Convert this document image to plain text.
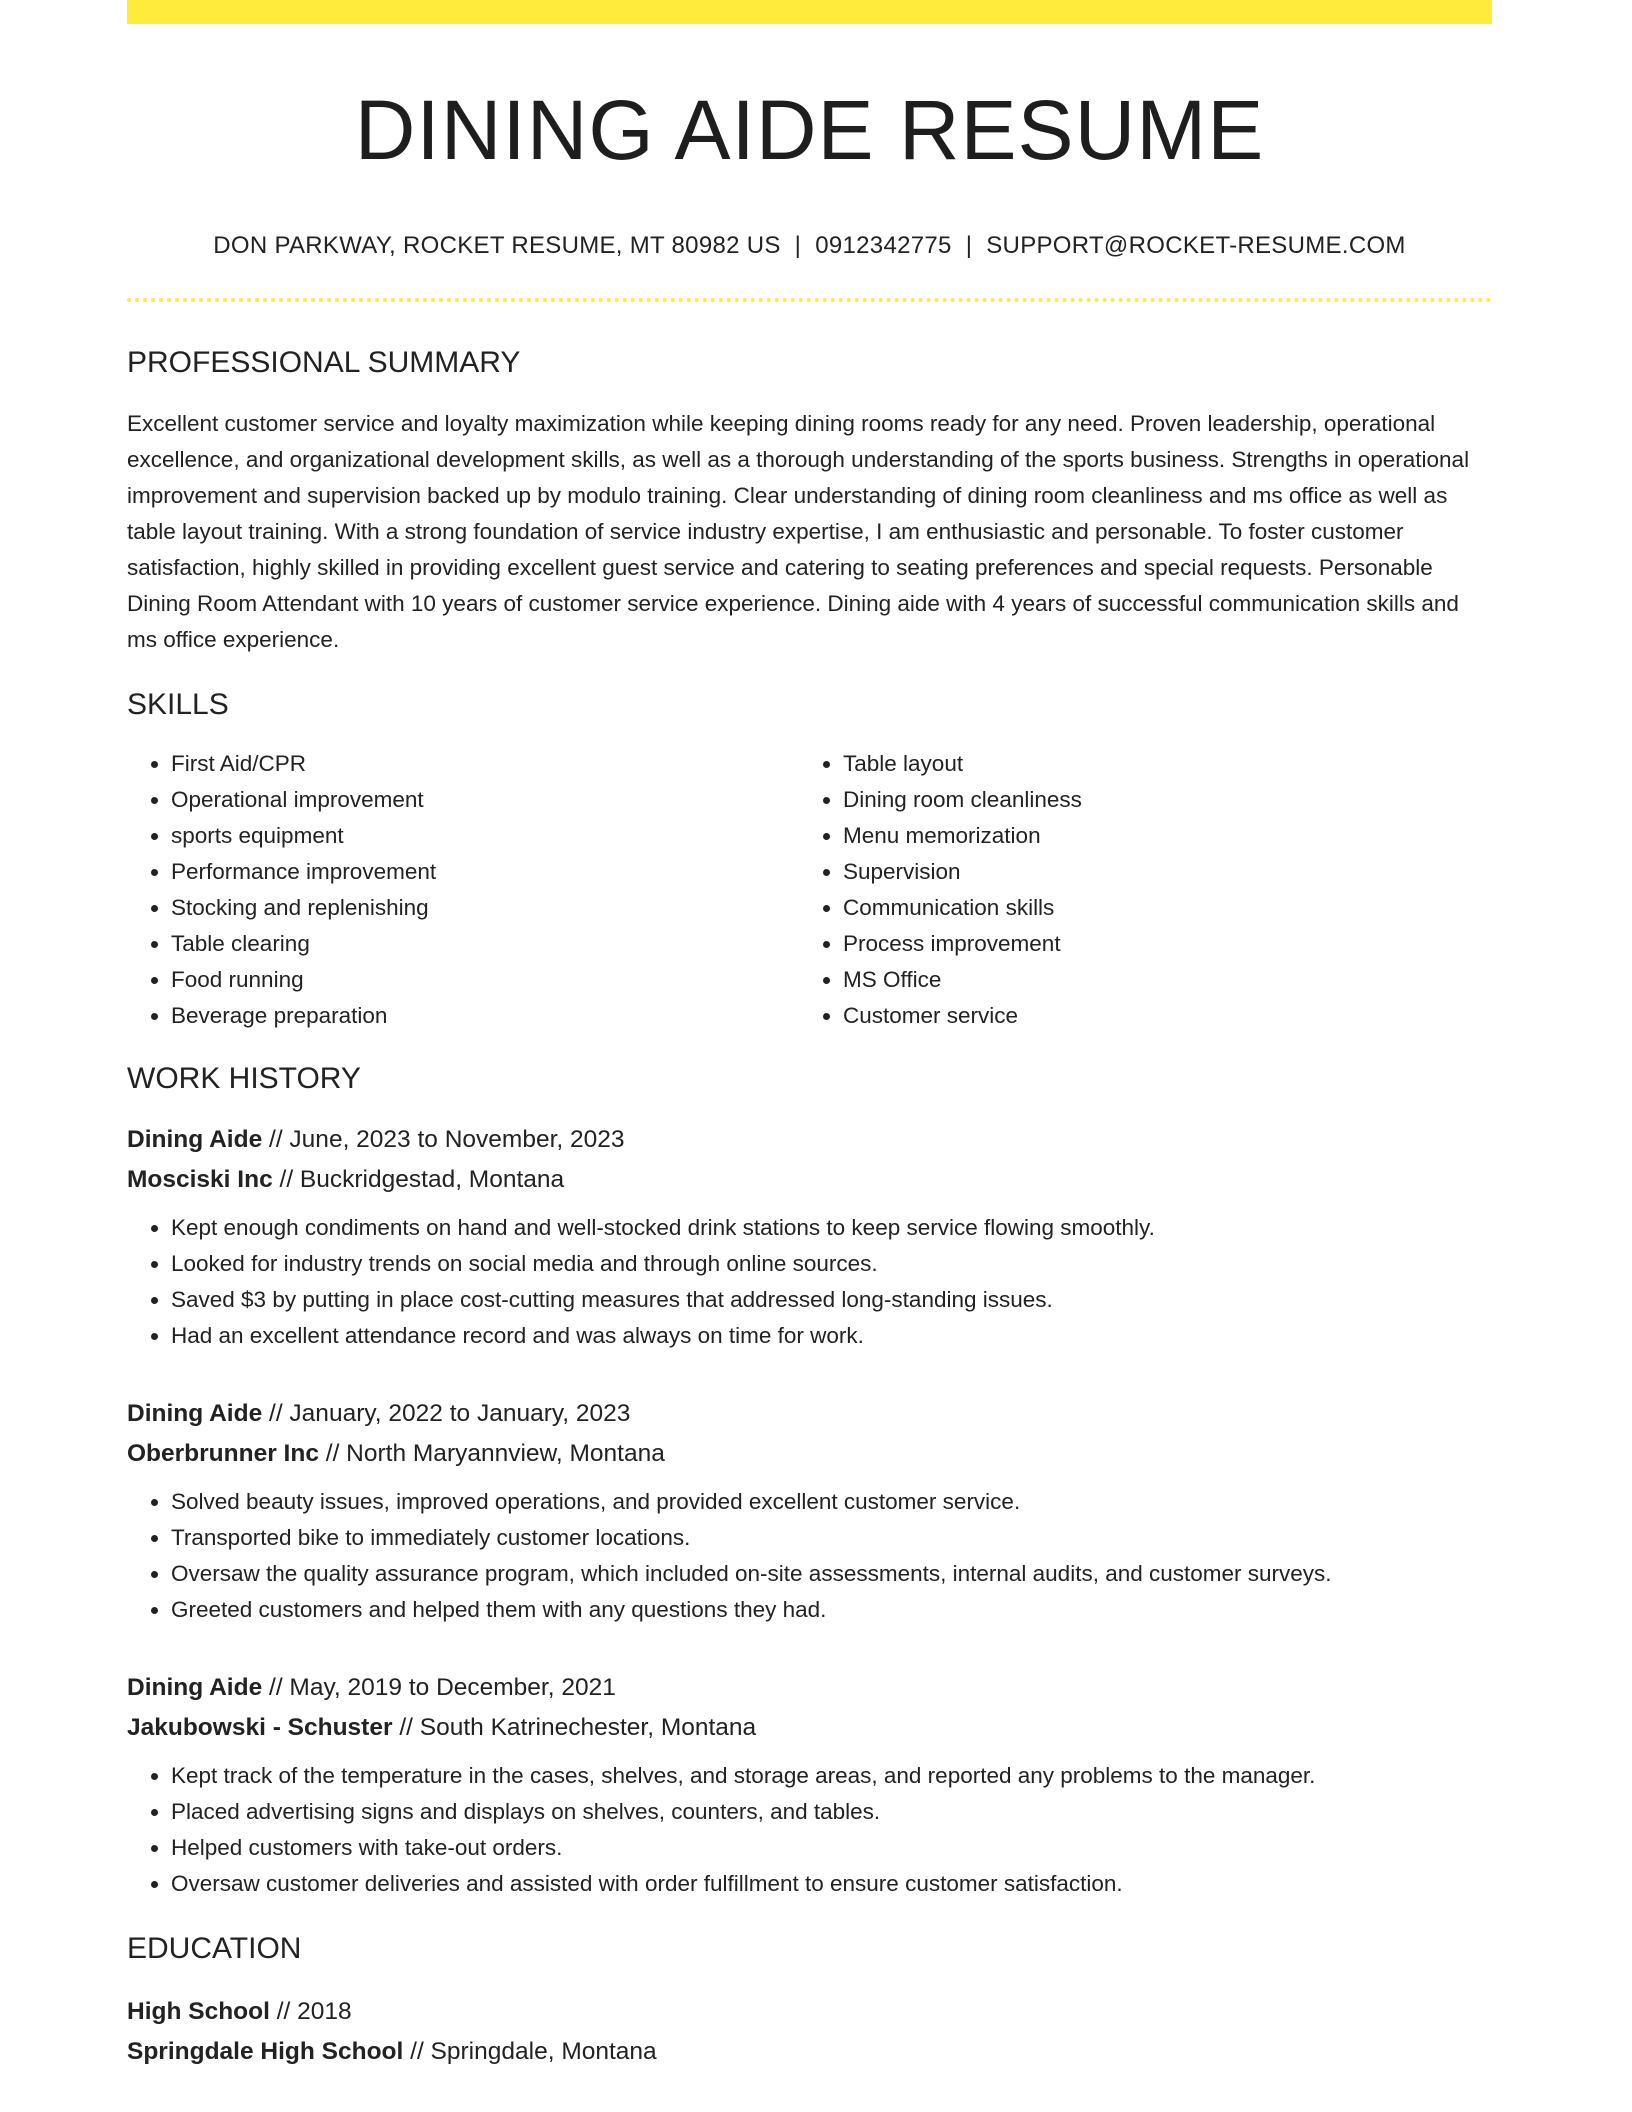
DINING AIDE RESUME
DON PARKWAY, ROCKET RESUME, MT 80982 US | 0912342775 | SUPPORT@ROCKET-RESUME.COM
PROFESSIONAL SUMMARY

Excellent customer service and loyalty maximization while keeping dining rooms ready for any need. Proven leadership, operational excellence, and organizational development skills, as well as a thorough understanding of the sports business. Strengths in operational improvement and supervision backed up by modulo training. Clear understanding of dining room cleanliness and ms office as well as table layout training. With a strong foundation of service industry expertise, I am enthusiastic and personable. To foster customer satisfaction, highly skilled in providing excellent guest service and catering to seating preferences and special requests. Personable Dining Room Attendant with 10 years of customer service experience. Dining aide with 4 years of successful communication skills and ms office experience.

SKILLS
• First Aid/CPR
• Operational improvement
• sports equipment
• Performance improvement
• Stocking and replenishing
• Table clearing
• Food running
• Beverage preparation
• Table layout
• Dining room cleanliness
• Menu memorization
• Supervision
• Communication skills
• Process improvement
• MS Office
• Customer service
WORK HISTORY
Dining Aide // June, 2023 to November, 2023
Mosciski Inc // Buckridgestad, Montana
• Kept enough condiments on hand and well-stocked drink stations to keep service flowing smoothly.
• Looked for industry trends on social media and through online sources.
• Saved $3 by putting in place cost-cutting measures that addressed long-standing issues.
• Had an excellent attendance record and was always on time for work.
Dining Aide // January, 2022 to January, 2023
Oberbrunner Inc // North Maryannview, Montana
• Solved beauty issues, improved operations, and provided excellent customer service.
• Transported bike to immediately customer locations.
• Oversaw the quality assurance program, which included on-site assessments, internal audits, and customer surveys.
• Greeted customers and helped them with any questions they had.
Dining Aide // May, 2019 to December, 2021
Jakubowski - Schuster // South Katrinechester, Montana
• Kept track of the temperature in the cases, shelves, and storage areas, and reported any problems to the manager.
• Placed advertising signs and displays on shelves, counters, and tables.
• Helped customers with take-out orders.
• Oversaw customer deliveries and assisted with order fulfillment to ensure customer satisfaction.
EDUCATION
High School // 2018
Springdale High School // Springdale, Montana
